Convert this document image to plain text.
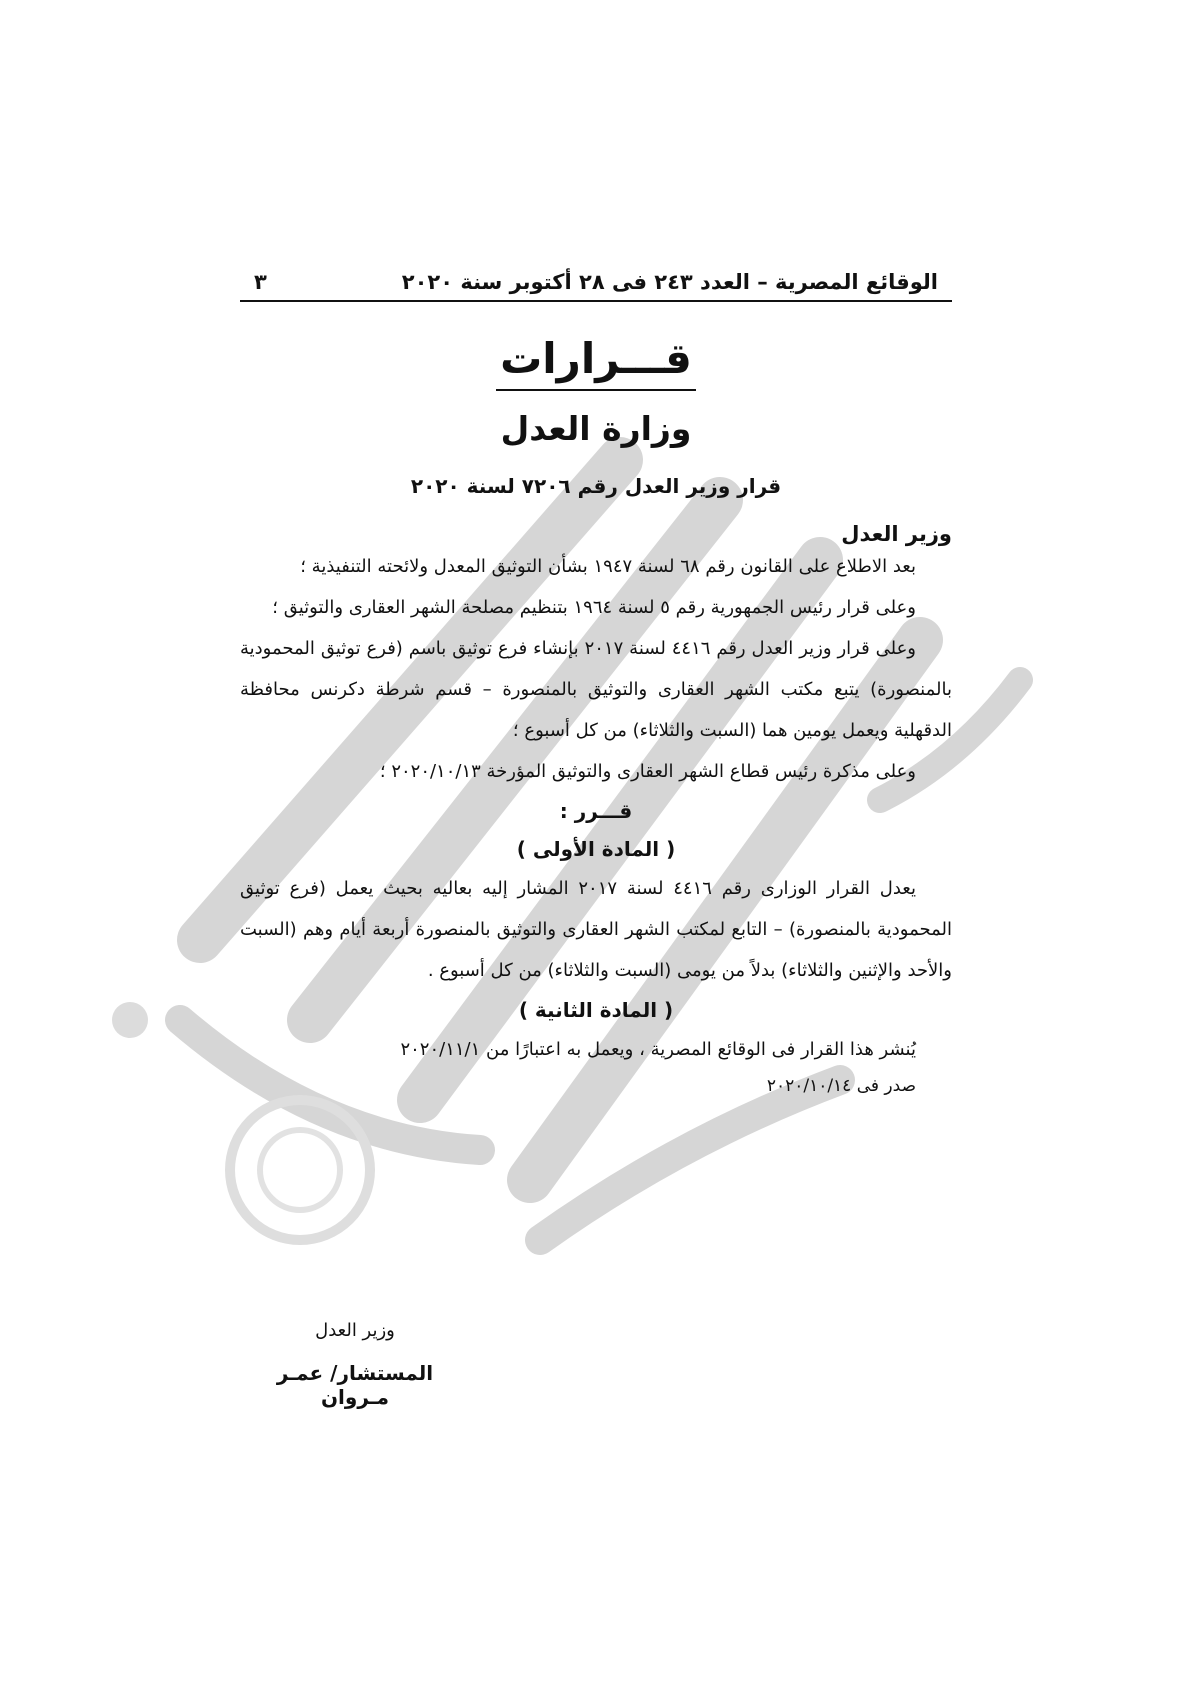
الوقائع المصرية – العدد ٢٤٣ فى ٢٨ أكتوبر سنة ٢٠٢٠
٣
قـــرارات
وزارة العدل
قرار وزير العدل رقم ٧٢٠٦ لسنة ٢٠٢٠
وزير العدل

بعد الاطلاع على القانون رقم ٦٨ لسنة ١٩٤٧ بشأن التوثيق المعدل ولائحته التنفيذية ؛

وعلى قرار رئيس الجمهورية رقم ٥ لسنة ١٩٦٤ بتنظيم مصلحة الشهر العقارى والتوثيق ؛

وعلى قرار وزير العدل رقم ٤٤١٦ لسنة ٢٠١٧ بإنشاء فرع توثيق باسم (فرع توثيق المحمودية بالمنصورة) يتبع مكتب الشهر العقارى والتوثيق بالمنصورة – قسم شرطة دكرنس محافظة الدقهلية ويعمل يومين هما (السبت والثلاثاء) من كل أسبوع ؛

وعلى مذكرة رئيس قطاع الشهر العقارى والتوثيق المؤرخة ٢٠٢٠/١٠/١٣ ؛

قـــرر :
( المادة الأولى )

يعدل القرار الوزارى رقم ٤٤١٦ لسنة ٢٠١٧ المشار إليه بعاليه بحيث يعمل (فرع توثيق المحمودية بالمنصورة) – التابع لمكتب الشهر العقارى والتوثيق بالمنصورة أربعة أيام وهم (السبت والأحد والإثنين والثلاثاء) بدلاً من يومى (السبت والثلاثاء) من كل أسبوع .

( المادة الثانية )

يُنشر هذا القرار فى الوقائع المصرية ، ويعمل به اعتبارًا من ٢٠٢٠/١١/١

صدر فى ٢٠٢٠/١٠/١٤
وزير العدل
المستشار/ عمـر مـروان
